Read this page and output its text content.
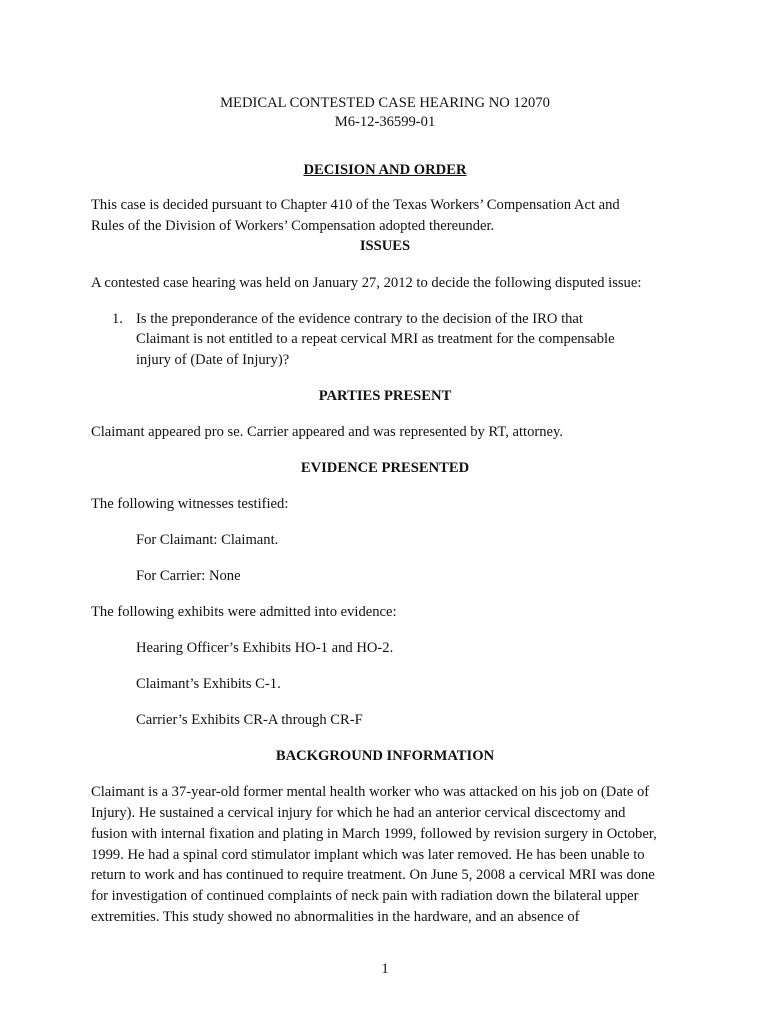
MEDICAL CONTESTED CASE HEARING NO 12070
M6-12-36599-01
DECISION AND ORDER
This case is decided pursuant to Chapter 410 of the Texas Workers’ Compensation Act and
Rules of the Division of Workers’ Compensation adopted thereunder.
ISSUES
A contested case hearing was held on January 27, 2012 to decide the following disputed issue:
1. Is the preponderance of the evidence contrary to the decision of the IRO that
Claimant is not entitled to a repeat cervical MRI as treatment for the compensable
injury of (Date of Injury)?
PARTIES PRESENT
Claimant appeared pro se. Carrier appeared and was represented by RT, attorney.
EVIDENCE PRESENTED
The following witnesses testified:
For Claimant: Claimant.
For Carrier: None
The following exhibits were admitted into evidence:
Hearing Officer’s Exhibits HO-1 and HO-2.
Claimant’s Exhibits C-1.
Carrier’s Exhibits CR-A through CR-F
BACKGROUND INFORMATION
Claimant is a 37-year-old former mental health worker who was attacked on his job on (Date of
Injury). He sustained a cervical injury for which he had an anterior cervical discectomy and
fusion with internal fixation and plating in March 1999, followed by revision surgery in October,
1999. He had a spinal cord stimulator implant which was later removed. He has been unable to
return to work and has continued to require treatment. On June 5, 2008 a cervical MRI was done
for investigation of continued complaints of neck pain with radiation down the bilateral upper
extremities. This study showed no abnormalities in the hardware, and an absence of
1
